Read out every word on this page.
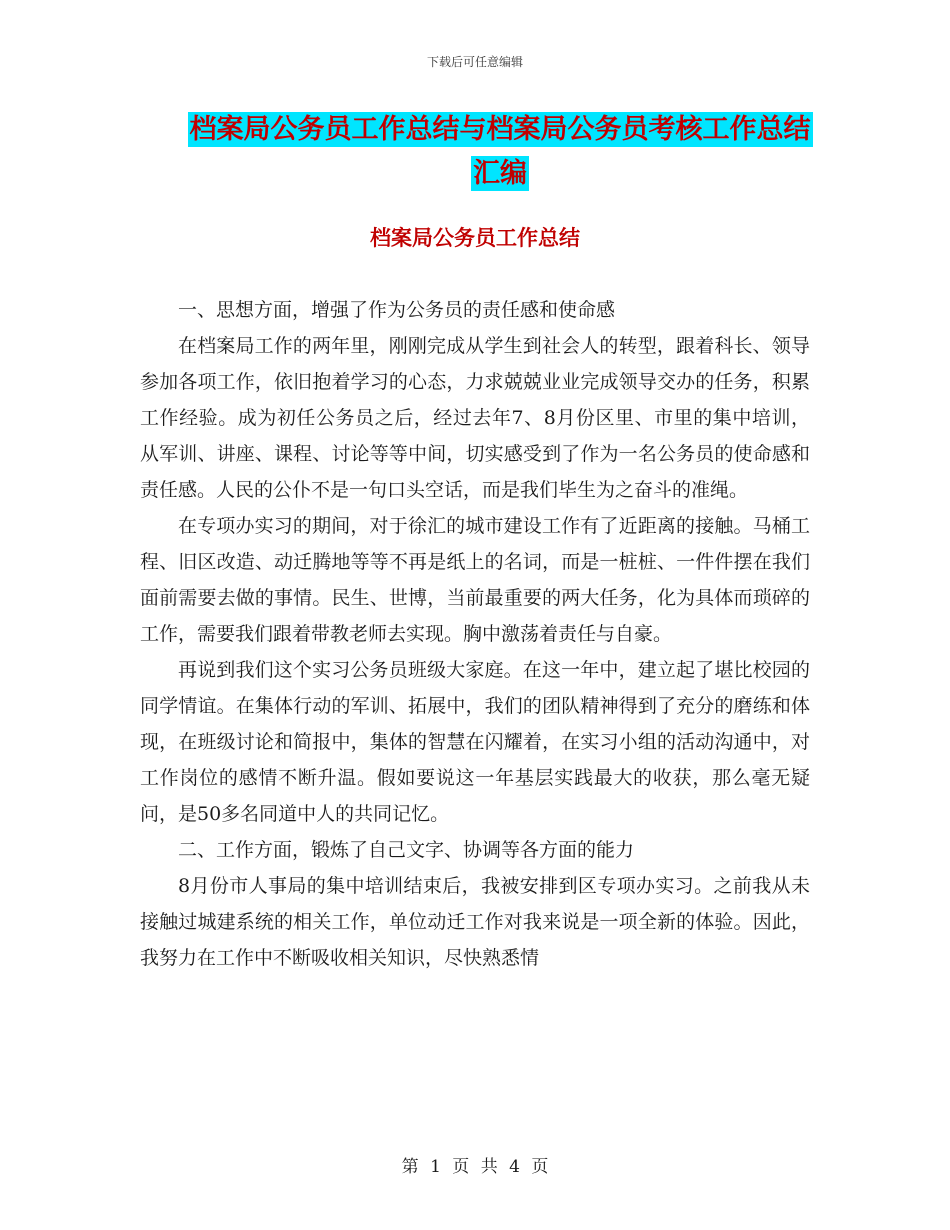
下载后可任意编辑
档案局公务员工作总结与档案局公务员考核工作总结
汇编
档案局公务员工作总结

一、思想方面，增强了作为公务员的责任感和使命感

在档案局工作的两年里，刚刚完成从学生到社会人的转型，跟着科长、领导参加各项工作，依旧抱着学习的心态，力求兢兢业业完成领导交办的任务，积累工作经验。成为初任公务员之后，经过去年7、8月份区里、市里的集中培训，从军训、讲座、课程、讨论等等中间，切实感受到了作为一名公务员的使命感和责任感。人民的公仆不是一句口头空话，而是我们毕生为之奋斗的准绳。

在专项办实习的期间，对于徐汇的城市建设工作有了近距离的接触。马桶工程、旧区改造、动迁腾地等等不再是纸上的名词，而是一桩桩、一件件摆在我们面前需要去做的事情。民生、世博，当前最重要的两大任务，化为具体而琐碎的工作，需要我们跟着带教老师去实现。胸中激荡着责任与自豪。

再说到我们这个实习公务员班级大家庭。在这一年中，建立起了堪比校园的同学情谊。在集体行动的军训、拓展中，我们的团队精神得到了充分的磨练和体现，在班级讨论和简报中，集体的智慧在闪耀着，在实习小组的活动沟通中，对工作岗位的感情不断升温。假如要说这一年基层实践最大的收获，那么毫无疑问，是50多名同道中人的共同记忆。

二、工作方面，锻炼了自己文字、协调等各方面的能力

8月份市人事局的集中培训结束后，我被安排到区专项办实习。之前我从未接触过城建系统的相关工作，单位动迁工作对我来说是一项全新的体验。因此，我努力在工作中不断吸收相关知识，尽快熟悉情

第 1 页 共 4 页
